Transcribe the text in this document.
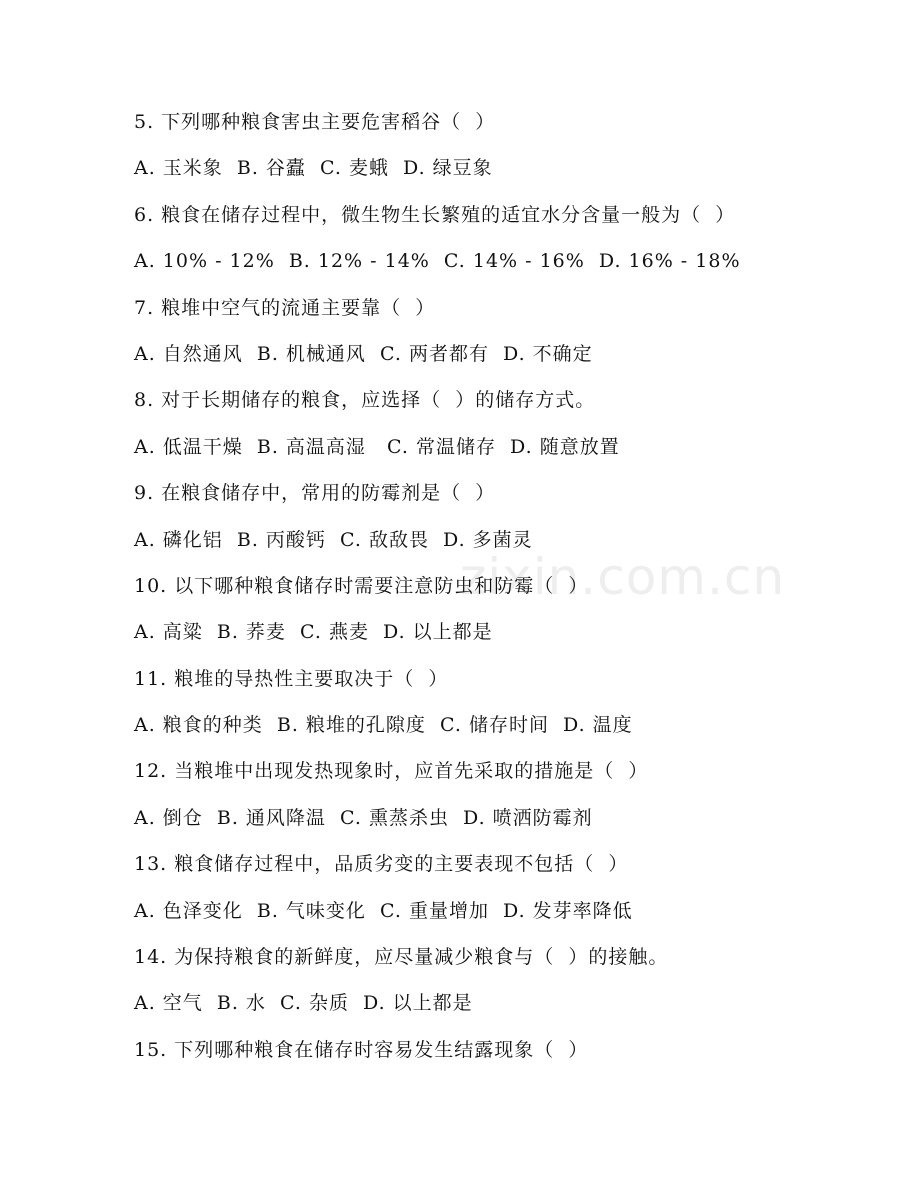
zixin.com.cn
5. 下列哪种粮食害虫主要危害稻谷（  ）
A. 玉米象  B. 谷蠹  C. 麦蛾  D. 绿豆象
6. 粮食在储存过程中，微生物生长繁殖的适宜水分含量一般为（  ）
A. 10% - 12%  B. 12% - 14%  C. 14% - 16%  D. 16% - 18%
7. 粮堆中空气的流通主要靠（  ）
A. 自然通风  B. 机械通风  C. 两者都有  D. 不确定
8. 对于长期储存的粮食，应选择（  ）的储存方式。
A. 低温干燥  B. 高温高湿   C. 常温储存  D. 随意放置
9. 在粮食储存中，常用的防霉剂是（  ）
A. 磷化铝  B. 丙酸钙  C. 敌敌畏  D. 多菌灵
10. 以下哪种粮食储存时需要注意防虫和防霉（  ）
A. 高粱  B. 荞麦  C. 燕麦  D. 以上都是
11. 粮堆的导热性主要取决于（  ）
A. 粮食的种类  B. 粮堆的孔隙度  C. 储存时间  D. 温度
12. 当粮堆中出现发热现象时，应首先采取的措施是（  ）
A. 倒仓  B. 通风降温  C. 熏蒸杀虫  D. 喷洒防霉剂
13. 粮食储存过程中，品质劣变的主要表现不包括（  ）
A. 色泽变化  B. 气味变化  C. 重量增加  D. 发芽率降低
14. 为保持粮食的新鲜度，应尽量减少粮食与（  ）的接触。
A. 空气  B. 水  C. 杂质  D. 以上都是
15. 下列哪种粮食在储存时容易发生结露现象（  ）
